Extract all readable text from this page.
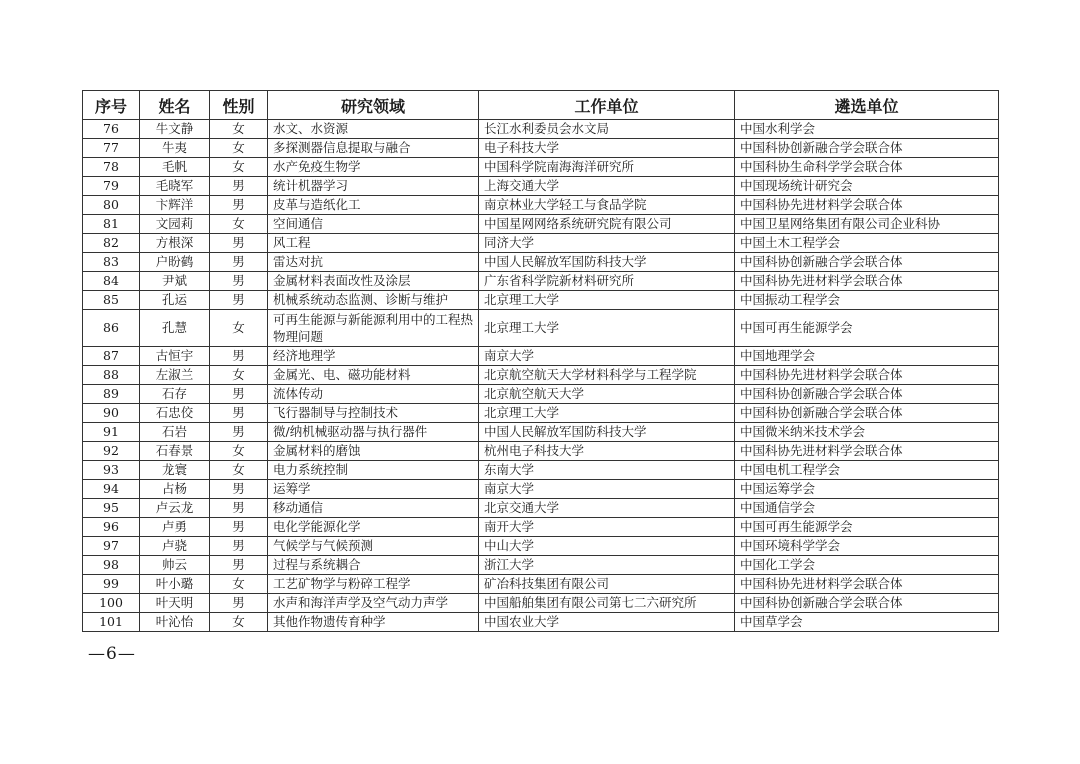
序号	姓名	性别	研究领域	工作单位	遴选单位
76	牛文静	女	水文、水资源	长江水利委员会水文局	中国水利学会
77	牛夷	女	多探测器信息提取与融合	电子科技大学	中国科协创新融合学会联合体
78	毛帆	女	水产免疫生物学	中国科学院南海海洋研究所	中国科协生命科学学会联合体
79	毛晓军	男	统计机器学习	上海交通大学	中国现场统计研究会
80	卞辉洋	男	皮革与造纸化工	南京林业大学轻工与食品学院	中国科协先进材料学会联合体
81	文园莉	女	空间通信	中国星网网络系统研究院有限公司	中国卫星网络集团有限公司企业科协
82	方根深	男	风工程	同济大学	中国土木工程学会
83	户盼鹤	男	雷达对抗	中国人民解放军国防科技大学	中国科协创新融合学会联合体
84	尹斌	男	金属材料表面改性及涂层	广东省科学院新材料研究所	中国科协先进材料学会联合体
85	孔运	男	机械系统动态监测、诊断与维护	北京理工大学	中国振动工程学会
86	孔慧	女	可再生能源与新能源利用中的工程热物理问题	北京理工大学	中国可再生能源学会
87	古恒宇	男	经济地理学	南京大学	中国地理学会
88	左淑兰	女	金属光、电、磁功能材料	北京航空航天大学材料科学与工程学院	中国科协先进材料学会联合体
89	石存	男	流体传动	北京航空航天大学	中国科协创新融合学会联合体
90	石忠佼	男	飞行器制导与控制技术	北京理工大学	中国科协创新融合学会联合体
91	石岩	男	微/纳机械驱动器与执行器件	中国人民解放军国防科技大学	中国微米纳米技术学会
92	石春景	女	金属材料的磨蚀	杭州电子科技大学	中国科协先进材料学会联合体
93	龙寰	女	电力系统控制	东南大学	中国电机工程学会
94	占杨	男	运筹学	南京大学	中国运筹学会
95	卢云龙	男	移动通信	北京交通大学	中国通信学会
96	卢勇	男	电化学能源化学	南开大学	中国可再生能源学会
97	卢骁	男	气候学与气候预测	中山大学	中国环境科学学会
98	帅云	男	过程与系统耦合	浙江大学	中国化工学会
99	叶小璐	女	工艺矿物学与粉碎工程学	矿冶科技集团有限公司	中国科协先进材料学会联合体
100	叶天明	男	水声和海洋声学及空气动力声学	中国船舶集团有限公司第七二六研究所	中国科协创新融合学会联合体
101	叶沁怡	女	其他作物遗传育种学	中国农业大学	中国草学会
—6—
